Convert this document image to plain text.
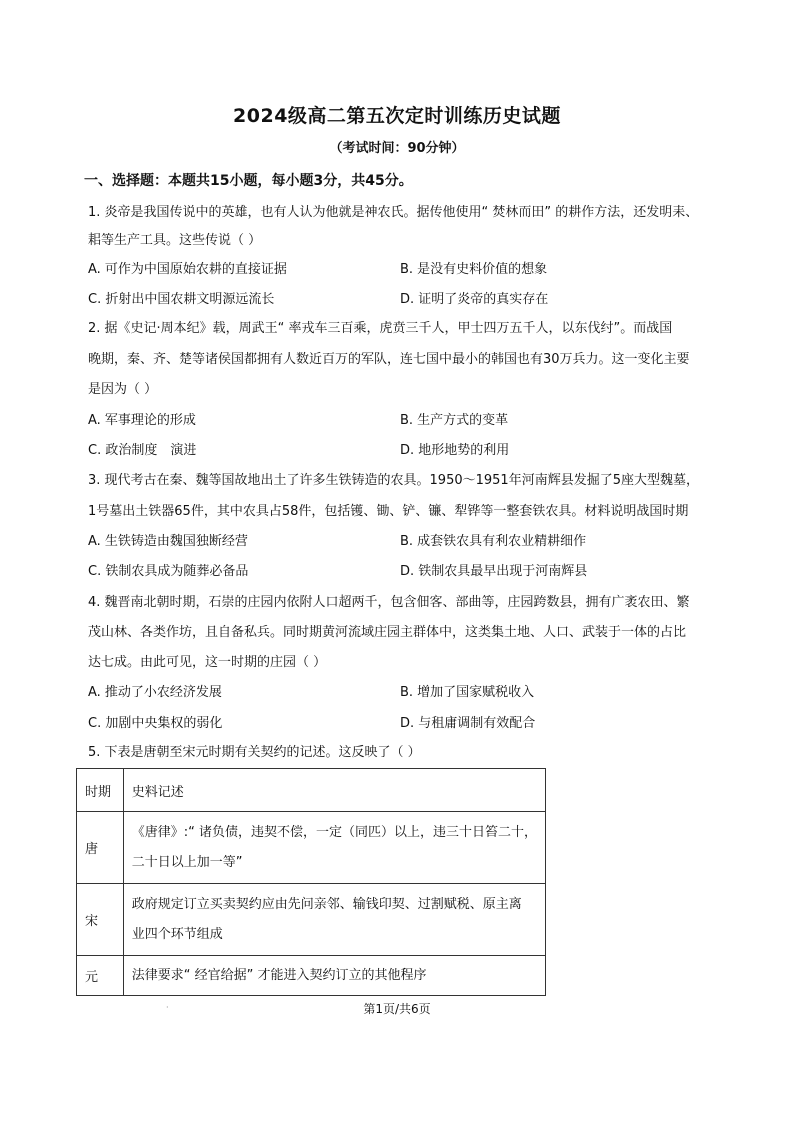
2024级高二第五次定时训练历史试题
（考试时间：90分钟）
一、选择题：本题共15小题，每小题3分，共45分。
1. 炎帝是我国传说中的英雄，也有人认为他就是神农氏。据传他使用“ 焚林而田” 的耕作方法，还发明耒、
耜等生产工具。这些传说（ ）
A. 可作为中国原始农耕的直接证据	B. 是没有史料价值的想象
C. 折射出中国农耕文明源远流长	D. 证明了炎帝的真实存在
2. 据《史记·周本纪》载，周武王“ 率戎车三百乘，虎贲三千人，甲士四万五千人，以东伐纣”。而战国
晚期，秦、齐、楚等诸侯国都拥有人数近百万的军队，连七国中最小的韩国也有30万兵力。这一变化主要
是因为（ ）
A. 军事理论的形成	B. 生产方式的变革
C. 政治制度　演进	D. 地形地势的利用
3. 现代考古在秦、魏等国故地出土了许多生铁铸造的农具。1950～1951年河南辉县发掘了5座大型魏墓，
1号墓出土铁器65件，其中农具占58件，包括镬、锄、铲、镰、犁铧等一整套铁农具。材料说明战国时期
A. 生铁铸造由魏国独断经营	B. 成套铁农具有利农业精耕细作
C. 铁制农具成为随葬必备品	D. 铁制农具最早出现于河南辉县
4. 魏晋南北朝时期，石崇的庄园内依附人口超两千，包含佃客、部曲等，庄园跨数县，拥有广袤农田、繁
茂山林、各类作坊，且自备私兵。同时期黄河流域庄园主群体中，这类集土地、人口、武装于一体的占比
达七成。由此可见，这一时期的庄园（ ）
A. 推动了小农经济发展	B. 增加了国家赋税收入
C. 加剧中央集权的弱化	D. 与租庸调制有效配合
5. 下表是唐朝至宋元时期有关契约的记述。这反映了（ ）
时期	史料记述
唐	《唐律》:“ 诸负债，违契不偿，一定（同匹）以上，违三十日笞二十，
二十日以上加一等”

宋	政府规定订立买卖契约应由先问亲邻、输钱印契、过割赋税、原主离
业四个环节组成

元	法律要求“ 经官给据” 才能进入契约订立的其他程序
·	第1页/共6页
